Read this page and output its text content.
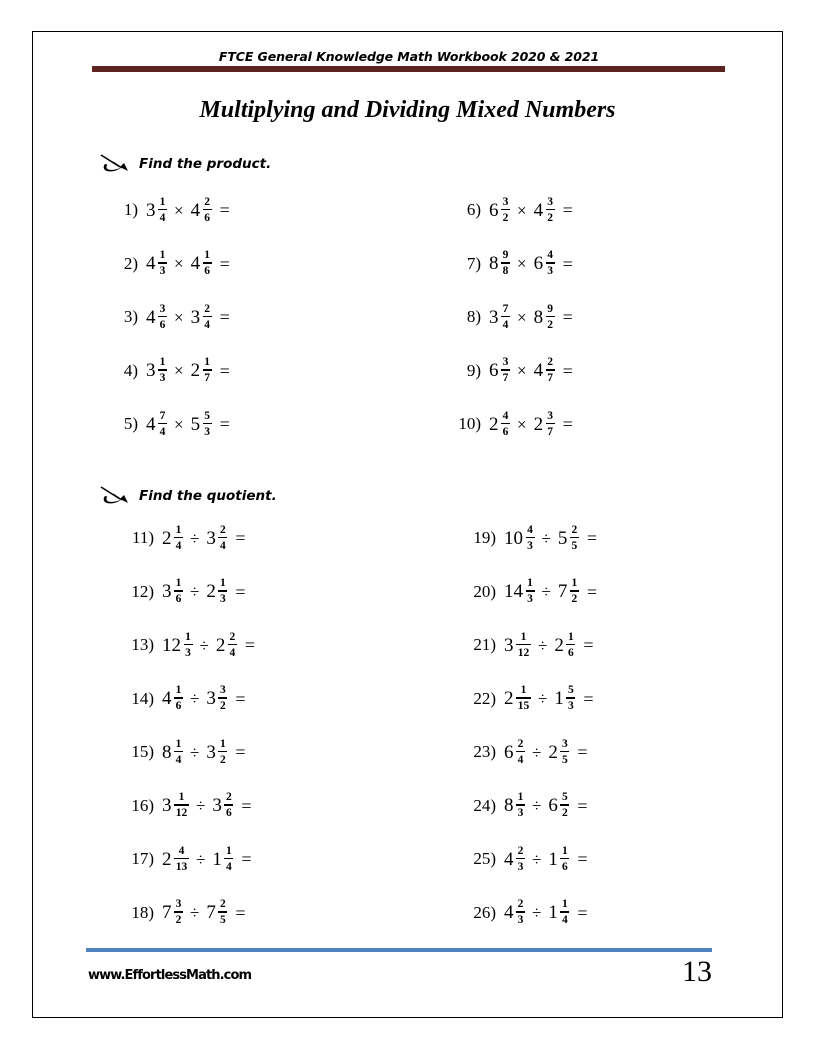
FTCE General Knowledge Math Workbook 2020 & 2021
Multiplying and Dividing Mixed Numbers
Find the product.
Find the quotient.
1) $3 \frac{1}{4} \times 4 \frac{2}{6}$ =	6) $6 \frac{3}{2} \times 4 \frac{3}{2}$ =
2) $4 \frac{1}{3} \times 4 \frac{1}{6}$ =	7) $8 \frac{9}{8} \times 6 \frac{4}{3}$ =
3) $4 \frac{3}{6} \times 3 \frac{2}{4}$ =	8) $3 \frac{7}{4} \times 8 \frac{9}{2}$ =
4) $3 \frac{1}{3} \times 2 \frac{1}{7}$ =	9) $6 \frac{3}{7} \times 4 \frac{2}{7}$ =
5) $4 \frac{7}{4} \times 5 \frac{5}{3}$ =	10) $2 \frac{4}{6} \times 2 \frac{3}{7}$ =
11) $2 \frac{1}{4} \div 3 \frac{2}{4}$ =	19) $10 \frac{4}{3} \div 5 \frac{2}{5}$ =
12) $3 \frac{1}{6} \div 2 \frac{1}{3}$ =	20) $14 \frac{1}{3} \div 7 \frac{1}{2}$ =
13) $12 \frac{1}{3} \div 2 \frac{2}{4}$ =	21) $3 \frac{1}{12} \div 2 \frac{1}{6}$ =
14) $4 \frac{1}{6} \div 3 \frac{3}{2}$ =	22) $2 \frac{1}{15} \div 1 \frac{5}{3}$ =
15) $8 \frac{1}{4} \div 3 \frac{1}{2}$ =	23) $6 \frac{2}{4} \div 2 \frac{3}{5}$ =
16) $3 \frac{1}{12} \div 3 \frac{2}{6}$ =	24) $8 \frac{1}{3} \div 6 \frac{5}{2}$ =
17) $2 \frac{4}{13} \div 1 \frac{1}{4}$ =	25) $4 \frac{2}{3} \div 1 \frac{1}{6}$ =
18) $7 \frac{3}{2} \div 7 \frac{2}{5}$ =	26) $4 \frac{2}{3} \div 1 \frac{1}{4}$ =
www.EffortlessMath.com	13
